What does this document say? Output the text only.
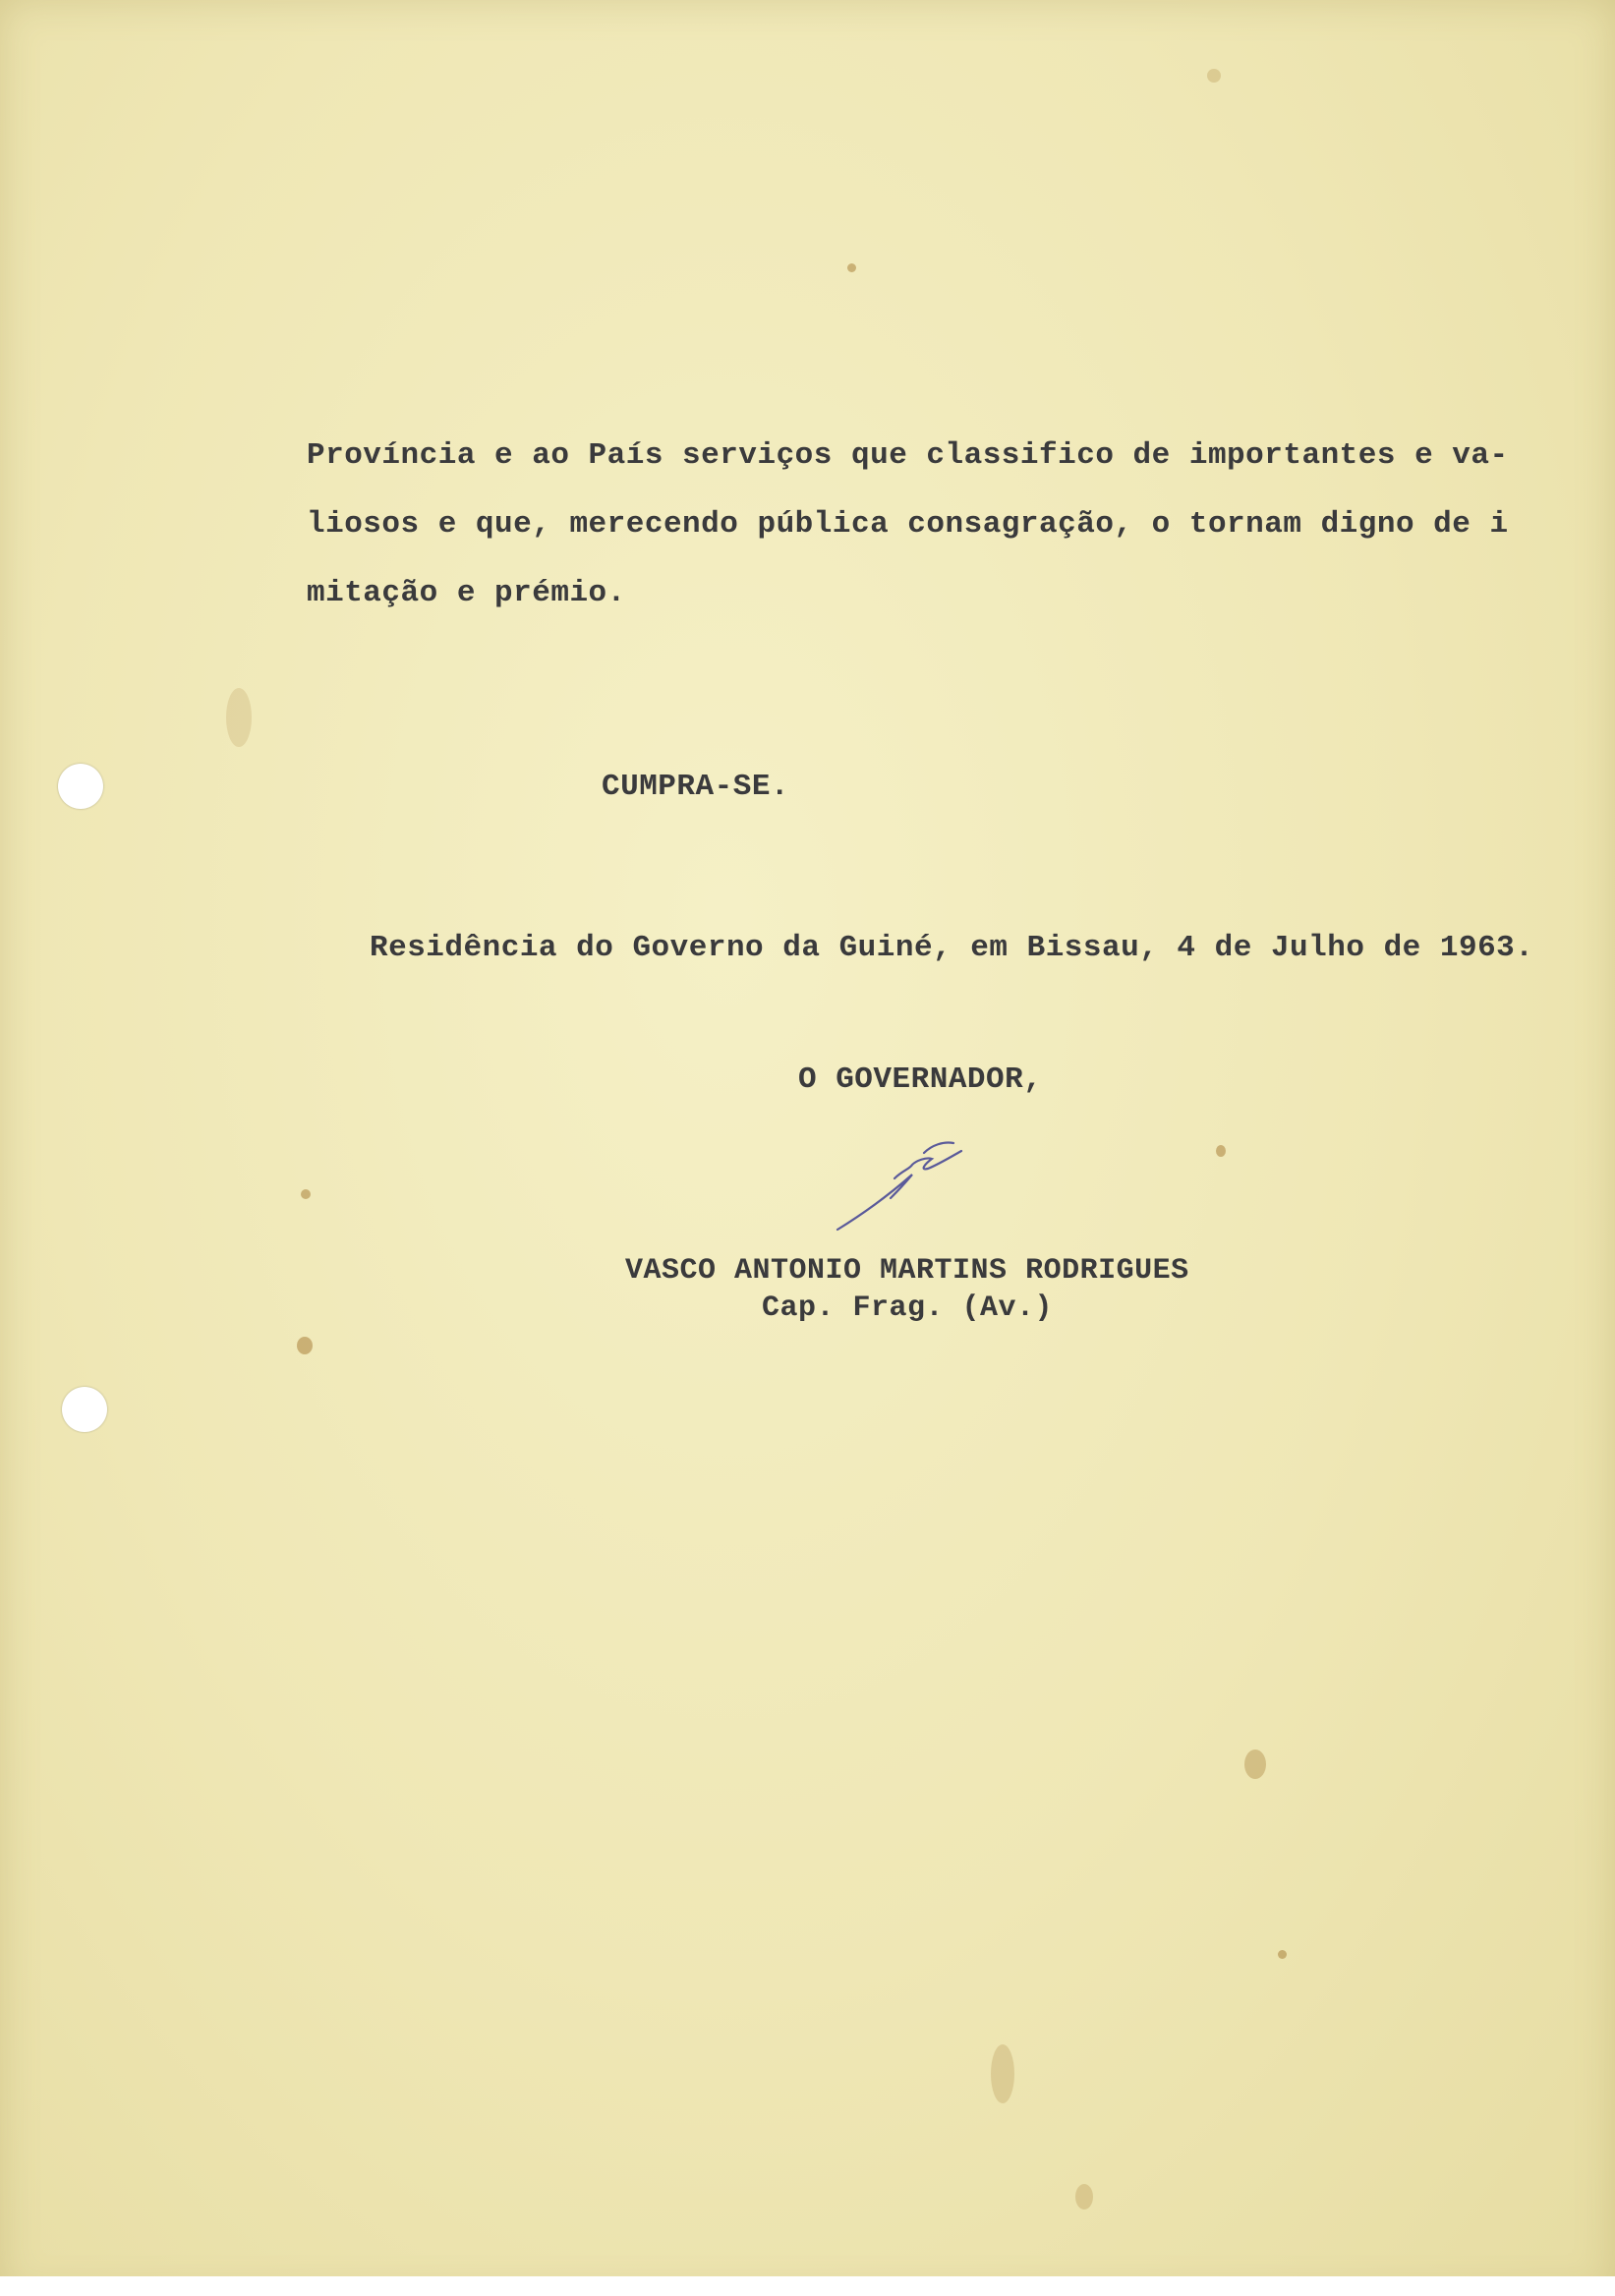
Província e ao País serviços que classifico de importantes e va-
liosos e que, merecendo pública consagração, o tornam digno de i
mitação e prémio.
CUMPRA-SE.
Residência do Governo da Guiné, em Bissau, 4 de Julho de 1963.
O GOVERNADOR,
VASCO ANTONIO MARTINS RODRIGUES
Cap. Frag. (Av.)
